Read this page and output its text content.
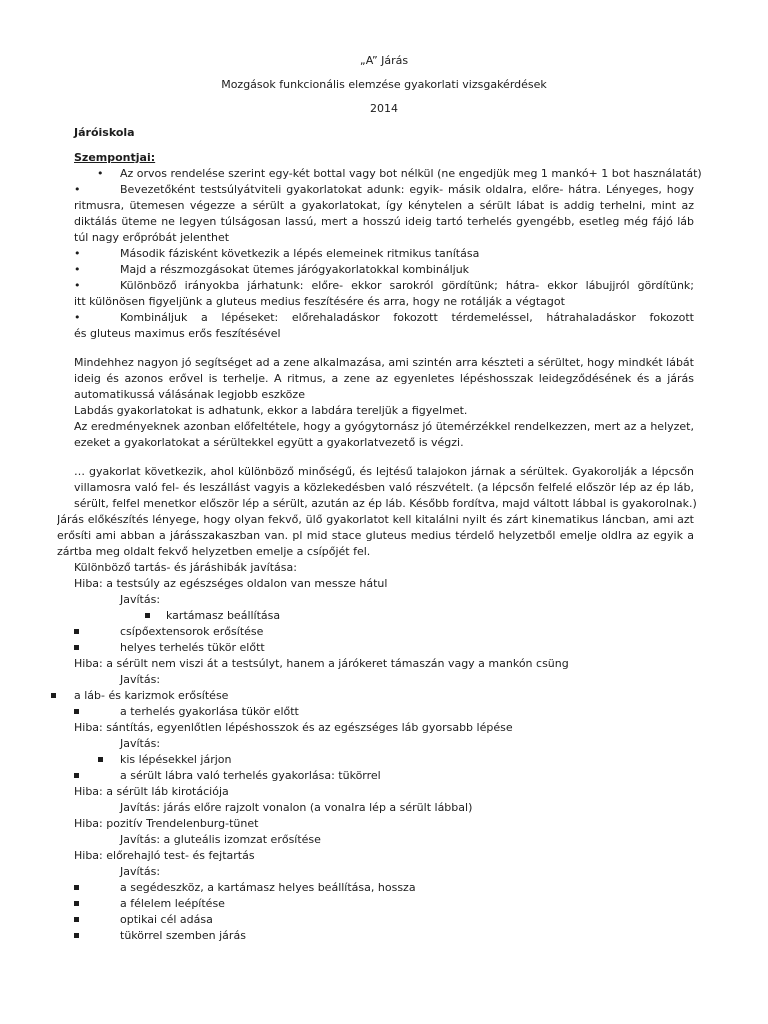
„A” Járás
Mozgások funkcionális elemzése gyakorlati vizsgakérdések
2014
Járóiskola
Szempontjai:
• Az orvos rendelése szerint egy-két bottal vagy bot nélkül (ne engedjük meg 1 mankó+ 1 bot használatát)
•	Bevezetőként testsúlyátviteli gyakorlatokat adunk: egyik- másik oldalra, előre- hátra. Lényeges, hogy
ritmusra, ütemesen végezze a sérült a gyakorlatokat, így kénytelen a sérült lábat is addig terhelni, mint az
diktálás üteme ne legyen túlságosan lassú, mert a hosszú ideig tartó terhelés gyengébb, esetleg még fájó láb
túl nagy erőpróbát jelenthet
•	Második fázisként következik a lépés elemeinek ritmikus tanítása
•	Majd a részmozgásokat ütemes járógyakorlatokkal kombináljuk
•	Különböző irányokba járhatunk: előre- ekkor sarokról gördítünk; hátra- ekkor lábujjról gördítünk;
itt különösen figyeljünk a gluteus medius feszítésére és arra, hogy ne rotálják a végtagot
•	Kombináljuk a lépéseket: előrehaladáskor fokozott térdemeléssel, hátrahaladáskor fokozott
és gluteus maximus erős feszítésével
Mindehhez nagyon jó segítséget ad a zene alkalmazása, ami szintén arra készteti a sérültet, hogy mindkét lábát
ideig és azonos erővel is terhelje. A ritmus, a zene az egyenletes lépéshosszak leidegződésének és a járás
automatikussá válásának legjobb eszköze
Labdás gyakorlatokat is adhatunk, ekkor a labdára tereljük a figyelmet.
Az eredményeknek azonban előfeltétele, hogy a gyógytornász jó ütemérzékkel rendelkezzen, mert az a helyzet,
ezeket a gyakorlatokat a sérültekkel együtt a gyakorlatvezető is végzi.
… gyakorlat következik, ahol különböző minőségű, és lejtésű talajokon járnak a sérültek. Gyakorolják a lépcsőn
villamosra való fel- és leszállást vagyis a közlekedésben való részvételt. (a lépcsőn felfelé először lép az ép láb,
sérült, felfel menetkor először lép a sérült, azután az ép láb. Később fordítva, majd váltott lábbal is gyakorolnak.)
Járás előkészítés lényege, hogy olyan fekvő, ülő gyakorlatot kell kitalálni nyilt és zárt kinematikus láncban, ami azt
erősíti ami abban a járásszakaszban van. pl mid stace gluteus medius térdelő helyzetből emelje oldlra az egyik a
zártba meg oldalt fekvő helyzetben emelje a csípőjét fel.
Különböző tartás- és járáshibák javítása:
Hiba: a testsúly az egészséges oldalon van messze hátul
Javítás:
kartámasz beállítása
csípőextensorok erősítése
helyes terhelés tükör előtt
Hiba: a sérült nem viszi át a testsúlyt, hanem a járókeret támaszán vagy a mankón csüng
Javítás:
a láb- és karizmok erősítése
a terhelés gyakorlása tükör előtt
Hiba: sántítás, egyenlőtlen lépéshosszok és az egészséges láb gyorsabb lépése
Javítás:
kis lépésekkel járjon
a sérült lábra való terhelés gyakorlása: tükörrel
Hiba: a sérült láb kirotációja
Javítás: járás előre rajzolt vonalon (a vonalra lép a sérült lábbal)
Hiba: pozitív Trendelenburg-tünet
Javítás: a gluteális izomzat erősítése
Hiba: előrehajló test- és fejtartás
Javítás:
a segédeszköz, a kartámasz helyes beállítása, hossza
a félelem leépítése
optikai cél adása
tükörrel szemben járás
